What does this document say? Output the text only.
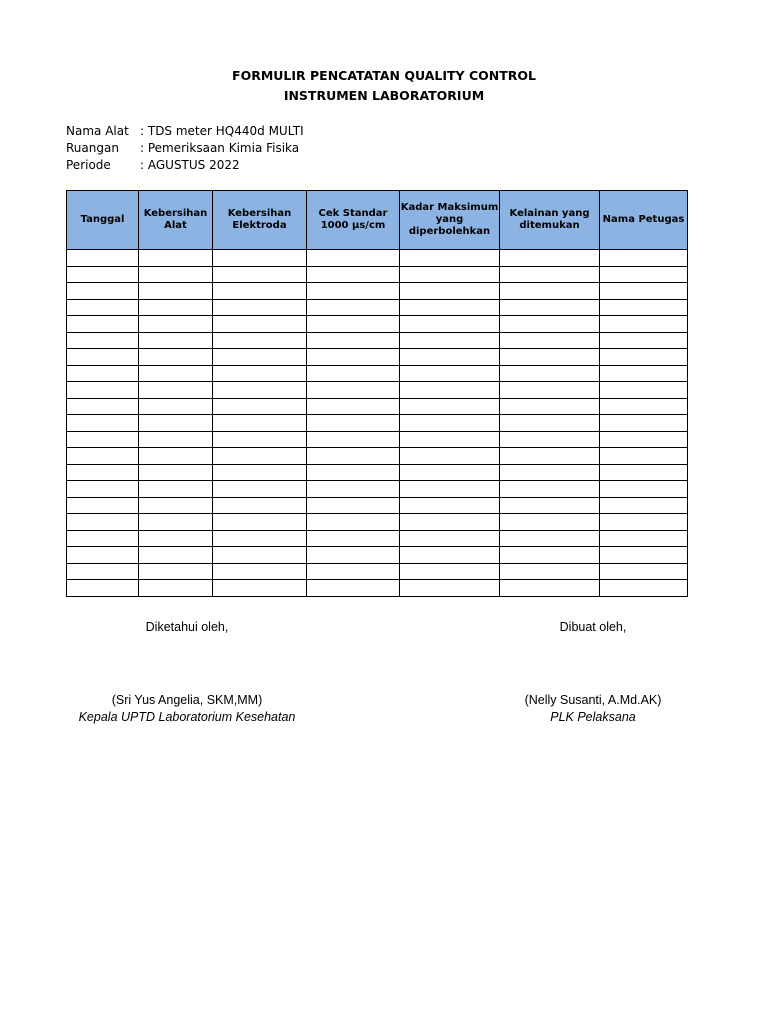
FORMULIR PENCATATAN QUALITY CONTROL
INSTRUMEN LABORATORIUM
Nama Alat : TDS meter HQ440d MULTI
Ruangan : Pemeriksaan Kimia Fisika
Periode : AGUSTUS 2022
Tanggal	Kebersihan Alat	Kebersihan Elektroda	Cek Standar 1000 µs/cm	Kadar Maksimum yang diperbolehkan	Kelainan yang ditemukan	Nama Petugas

Diketahui oleh,	Dibuat oleh,
(Sri Yus Angelia, SKM,MM)	(Nelly Susanti, A.Md.AK)
Kepala UPTD Laboratorium Kesehatan	PLK Pelaksana
